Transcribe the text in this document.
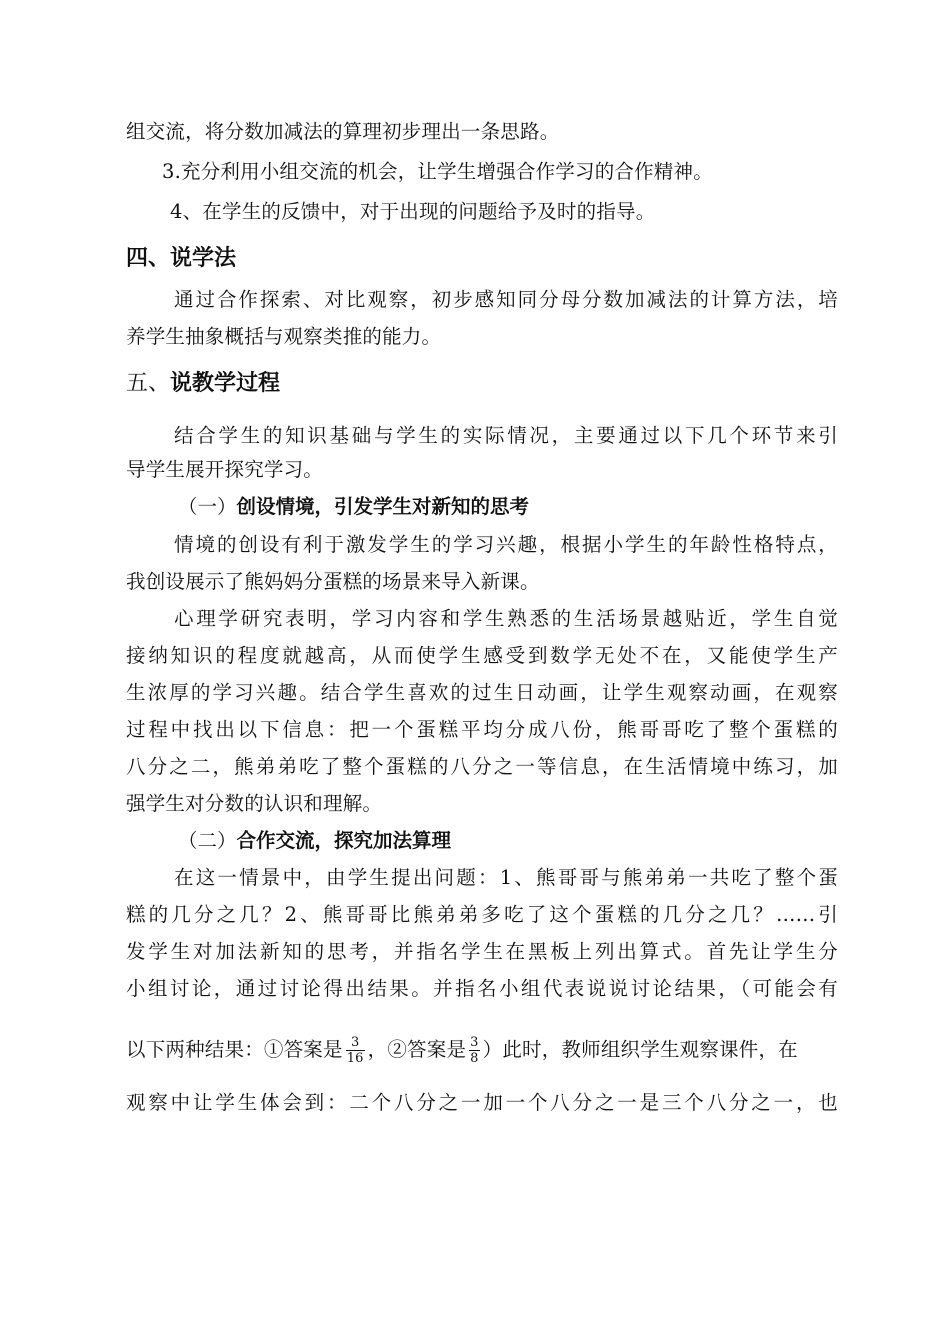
组交流，将分数加减法的算理初步理出一条思路。
3.充分利用小组交流的机会，让学生增强合作学习的合作精神。
4、在学生的反馈中，对于出现的问题给予及时的指导。
四、说学法
通过合作探索、对比观察，初步感知同分母分数加减法的计算方法，培
养学生抽象概括与观察类推的能力。
五、说教学过程
结合学生的知识基础与学生的实际情况，主要通过以下几个环节来引
导学生展开探究学习。
（一）创设情境，引发学生对新知的思考
情境的创设有利于激发学生的学习兴趣，根据小学生的年龄性格特点，
我创设展示了熊妈妈分蛋糕的场景来导入新课。
心理学研究表明，学习内容和学生熟悉的生活场景越贴近，学生自觉
接纳知识的程度就越高，从而使学生感受到数学无处不在，又能使学生产
生浓厚的学习兴趣。结合学生喜欢的过生日动画，让学生观察动画，在观察
过程中找出以下信息：把一个蛋糕平均分成八份，熊哥哥吃了整个蛋糕的
八分之二，熊弟弟吃了整个蛋糕的八分之一等信息，在生活情境中练习，加
强学生对分数的认识和理解。
（二）合作交流，探究加法算理
在这一情景中，由学生提出问题：1、熊哥哥与熊弟弟一共吃了整个蛋
糕的几分之几？2、熊哥哥比熊弟弟多吃了这个蛋糕的几分之几？……引
发学生对加法新知的思考，并指名学生在黑板上列出算式。首先让学生分
小组讨论，通过讨论得出结果。并指名小组代表说说讨论结果，（可能会有
以下两种结果：①答案是 $\frac{3}{16}$ ，②答案是 $\frac{3}{8}$ ）此时，教师组织学生观察课件，在
观察中让学生体会到：二个八分之一加一个八分之一是三个八分之一，也
